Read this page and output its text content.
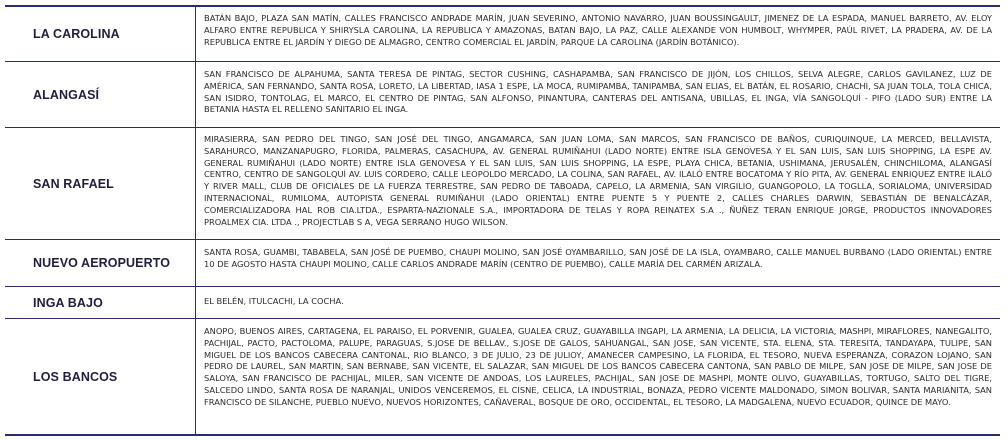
LA CAROLINA
BATÁN BAJO, PLAZA SAN MATÍN, CALLES FRANCISCO ANDRADE MARÍN, JUAN SEVERINO, ANTONIO NAVARRO, JUAN BOUSSINGAULT, JIMENEZ DE LA ESPADA, MANUEL BARRETO, AV. ELOY ALFARO ENTRE REPUBLICA Y SHIRYSLA CAROLINA, LA REPUBLICA Y AMAZONAS, BATAN BAJO, LA PAZ, CALLE ALEXANDE VON HUMBOLT, WHYMPER, PAÚL RIVET, LA PRADERA, AV. DE LA REPUBLICA ENTRE EL JARDÍN Y DIEGO DE ALMAGRO, CENTRO COMERCIAL EL JARDÍN, PARQUE LA CAROLINA (JARDÍN BOTÁNICO).
ALANGASÍ
SAN FRANCISCO DE ALPAHUMA, SANTA TERESA DE PINTAG, SECTOR CUSHING, CASHAPAMBA, SAN FRANCISCO DE JIJÓN, LOS CHILLOS, SELVA ALEGRE, CARLOS GAVILANEZ, LUZ DE AMÉRICA, SAN FERNANDO, SANTA ROSA, LORETO, LA LIBERTAD, IASA 1 ESPE, LA MOCA, RUMIPAMBA, TANIPAMBA, SAN ELIAS, EL BATÁN, EL ROSARIO, CHACHI, SA JUAN TOLA, TOLA CHICA, SAN ISIDRO, TONTOLAG, EL MARCO, EL CENTRO DE PINTAG, SAN ALFONSO, PINANTURA, CANTERAS DEL ANTISANA, UBILLAS, EL INGA, VÍA SANGOLQUÍ - PIFO (LADO SUR) ENTRE LA BETANIA HASTA EL RELLENO SANITARIO EL INGA.
SAN RAFAEL
MIRASIERRA, SAN PEDRO DEL TINGO, SAN JOSÉ DEL TINGO, ANGAMARCA, SAN JUAN LOMA, SAN MARCOS, SAN FRANCISCO DE BAÑOS, CURIQUINQUE, LA MERCED, BELLAVISTA, SARAHURCO, MANZANAPUGRO, FLORIDA, PALMERAS, CASACHUPA, AV. GENERAL RUMIÑAHUI (LADO NORTE) ENTRE ISLA GENOVESA Y EL SAN LUIS, SAN LUIS SHOPPING, LA ESPE AV. GENERAL RUMIÑAHUI (LADO NORTE) ENTRE ISLA GENOVESA Y EL SAN LUIS, SAN LUIS SHOPPING, LA ESPE, PLAYA CHICA, BETANIA, USHIMANA, JERUSALÉN, CHINCHILOMA, ALANGASÍ CENTRO, CENTRO DE SANGOLQUÍ AV. LUIS CORDERO, CALLE LEOPOLDO MERCADO, LA COLINA, SAN RAFAEL, AV. ILALÓ ENTRE BOCATOMA Y RÍO PITA, AV. GENERAL ENRIQUEZ ENTRE ILALÓ Y RIVER MALL, CLUB DE OFICIALES DE LA FUERZA TERRESTRE, SAN PEDRO DE TABOADA, CAPELO, LA ARMENIA, SAN VIRGILIO, GUANGOPOLO, LA TOGLLA, SORIALOMA, UNIVERSIDAD INTERNACIONAL, RUMILOMA, AUTOPISTA GENERAL RUMIÑAHUI (LADO ORIENTAL) ENTRE PUENTE 5 Y PUENTE 2, CALLES CHARLES DARWIN, SEBASTIÁN DE BENALCÁZAR, COMERCIALIZADORA HAL ROB CIA.LTDA., ESPARTA-NAZIONALE S.A., IMPORTADORA DE TELAS Y ROPA REINATEX S.A ., ÑUÑEZ TERAN ENRIQUE JORGE, PRODUCTOS INNOVADORES PROALMEX CIA. LTDA ., PROJECTLAB S A, VEGA SERRANO HUGO WILSON.
NUEVO AEROPUERTO
SANTA ROSA, GUAMBI, TABABELA, SAN JOSÉ DE PUEMBO, CHAUPI MOLINO, SAN JOSÉ OYAMBARILLO, SAN JOSÉ DE LA ISLA, OYAMBARO, CALLE MANUEL BURBANO (LADO ORIENTAL) ENTRE 10 DE AGOSTO HASTA CHAUPI MOLINO, CALLE CARLOS ANDRADE MARÍN (CENTRO DE PUEMBO), CALLE MARÍA DEL CARMÉN ARIZALA.
INGA BAJO	EL BELÉN, ITULCACHI, LA COCHA.
LOS BANCOS
ANOPO, BUENOS AIRES, CARTAGENA, EL PARAISO, EL PORVENIR, GUALEA, GUALEA CRUZ, GUAYABILLA INGAPI, LA ARMENIA, LA DELICIA, LA VICTORIA, MASHPI, MIRAFLORES, NANEGALITO, PACHIJAL, PACTO, PACTOLOMA, PALUPE, PARAGUAS, S.JOSE DE BELLAV., S.JOSE DE GALOS, SAHUANGAL, SAN JOSE, SAN VICENTE, STA. ELENA, STA. TERESITA, TANDAYAPA, TULIPE, SAN MIGUEL DE LOS BANCOS CABECERA CANTONAL, RIO BLANCO, 3 DE JULIO, 23 DE JULIOY, AMANECER CAMPESINO, LA FLORIDA, EL TESORO, NUEVA ESPERANZA, CORAZON LOJANO, SAN PEDRO DE LAUREL, SAN MARTIN, SAN BERNABE, SAN VICENTE, EL SALAZAR, SAN MIGUEL DE LOS BANCOS CABECERA CANTONA, SAN PABLO DE MILPE, SAN JOSE DE MILPE, SAN JOSE DE SALOYA, SAN FRANCISCO DE PACHIJAL, MILER, SAN VICENTE DE ANDOAS, LOS LAURELES, PACHIJAL, SAN JOSE DE MASHPI, MONTE OLIVO, GUAYABILLAS, TORTUGO, SALTO DEL TIGRE, SALCEDO LINDO, SANTA ROSA DE NARANJAL, UNIDOS VENCEREMOS, EL CISNE, CELICA, LA INDUSTRIAL, BONAZA, PEDRO VICENTE MALDONADO, SIMON BOLIVAR, SANTA MARIANITA, SAN FRANCISCO DE SILANCHE, PUEBLO NUEVO, NUEVOS HORIZONTES, CAÑAVERAL, BOSQUE DE ORO, OCCIDENTAL, EL TESORO, LA MADGALENA, NUEVO ECUADOR, QUINCE DE MAYO.
